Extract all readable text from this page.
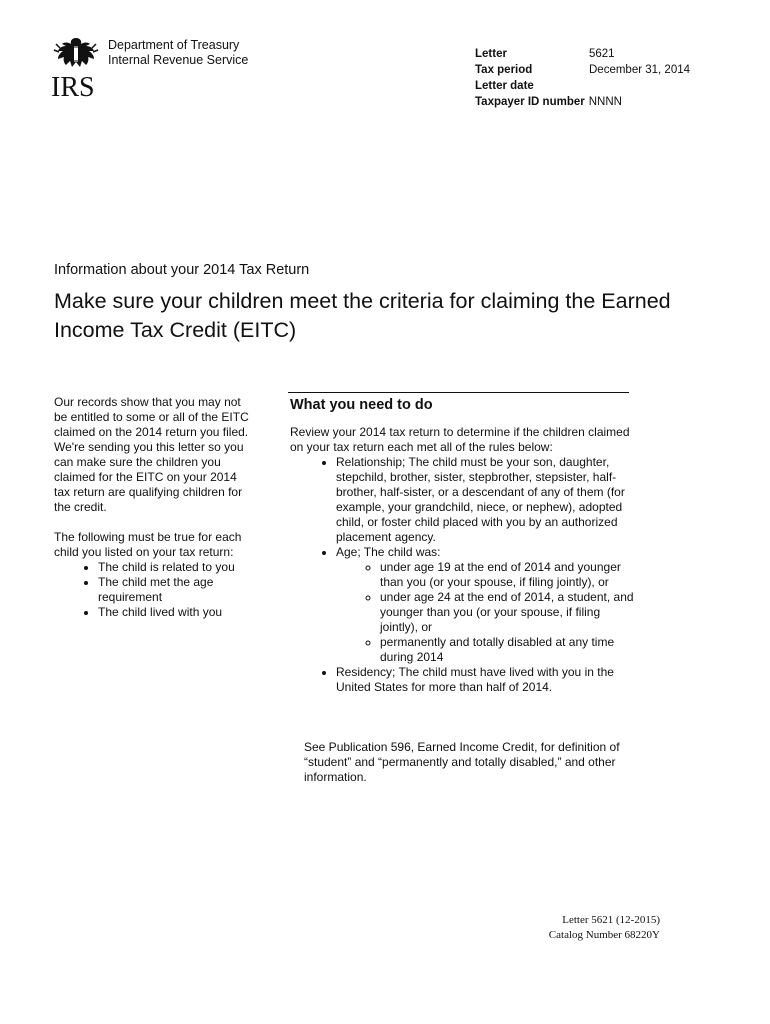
IRS
Department of Treasury
Internal Revenue Service	Letter	5621
Tax period	December 31, 2014
Letter date
Taxpayer ID number NNNN
Information about your 2014 Tax Return
Make sure your children meet the criteria for claiming the Earned Income Tax Credit (EITC)

Our records show that you may not be entitled to some or all of the EITC claimed on the 2014 return you filed. We're sending you this letter so you can make sure the children you claimed for the EITC on your 2014 tax return are qualifying children for the credit.

The following must be true for each child you listed on your tax return:

• The child is related to you
• The child met the age requirement
• The child lived with you
What you need to do

Review your 2014 tax return to determine if the children claimed on your tax return each met all of the rules below:

• Relationship; The child must be your son, daughter, stepchild, brother, sister, stepbrother, stepsister, half-brother, half-sister, or a descendant of any of them (for example, your grandchild, niece, or nephew), adopted child, or foster child placed with you by an authorized placement agency.
• Age; The child was:
◦ under age 19 at the end of 2014 and younger than you (or your spouse, if filing jointly), or
◦ under age 24 at the end of 2014, a student, and younger than you (or your spouse, if filing jointly), or
◦ permanently and totally disabled at any time during 2014
• Residency; The child must have lived with you in the United States for more than half of 2014.
See Publication 596, Earned Income Credit, for definition of “student” and “permanently and totally disabled,” and other information.
Letter 5621 (12-2015)
Catalog Number 68220Y
